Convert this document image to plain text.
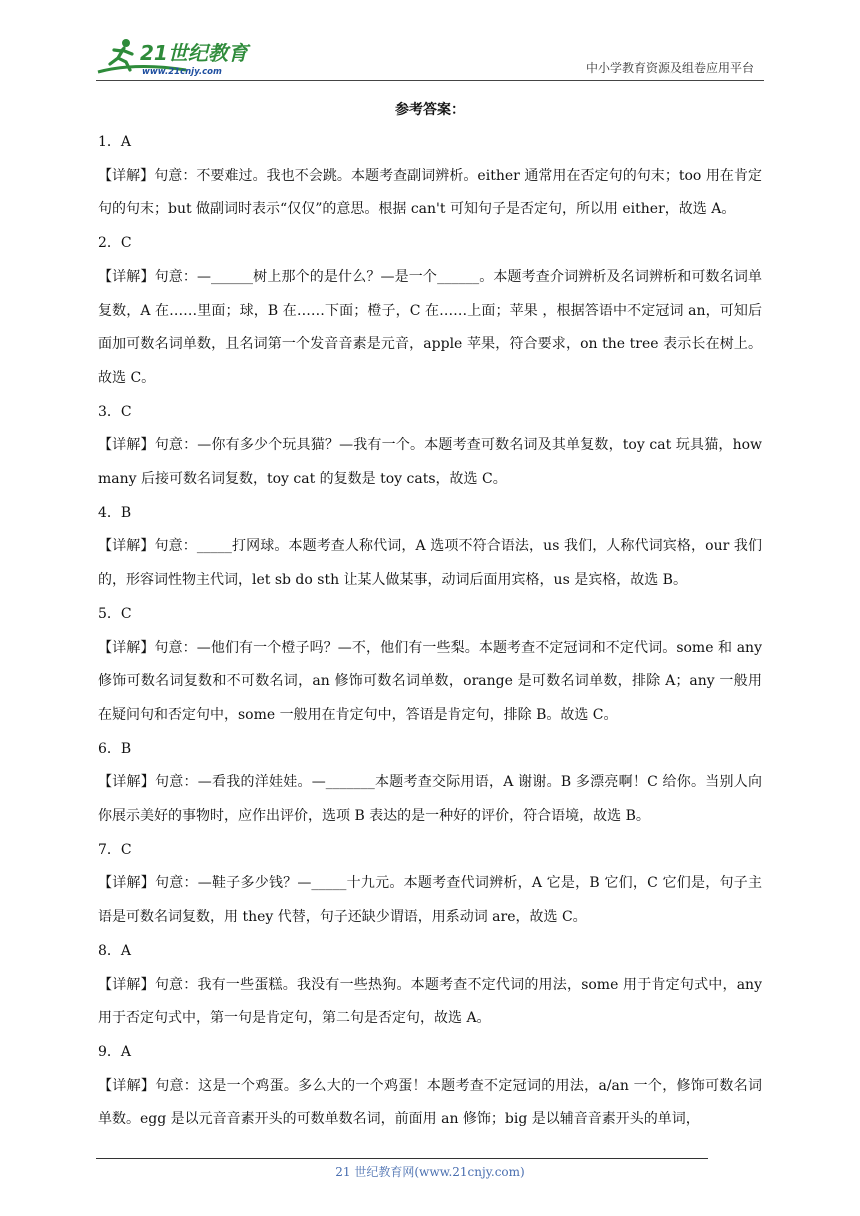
21世纪教育
www.21cnjy.com	中小学教育资源及组卷应用平台
参考答案：

1．A

【详解】句意：不要难过。我也不会跳。本题考查副词辨析。either 通常用在否定句的句末；too 用在肯定句的句末；but 做副词时表示“仅仅”的意思。根据 can't 可知句子是否定句，所以用 either，故选 A。

2．C

【详解】句意：—______树上那个的是什么？—是一个______。本题考查介词辨析及名词辨析和可数名词单复数，A 在……里面；球，B 在……下面；橙子，C 在……上面；苹果 ，根据答语中不定冠词 an，可知后面加可数名词单数，且名词第一个发音音素是元音，apple 苹果，符合要求，on the tree 表示长在树上。故选 C。

3．C

【详解】句意：—你有多少个玩具猫？—我有一个。本题考查可数名词及其单复数，toy cat 玩具猫，how many 后接可数名词复数，toy cat 的复数是 toy cats，故选 C。

4．B

【详解】句意：_____打网球。本题考查人称代词，A 选项不符合语法，us 我们，人称代词宾格，our 我们的，形容词性物主代词，let sb do sth 让某人做某事，动词后面用宾格，us 是宾格，故选 B。

5．C

【详解】句意：—他们有一个橙子吗？—不，他们有一些梨。本题考查不定冠词和不定代词。some 和 any 修饰可数名词复数和不可数名词，an 修饰可数名词单数，orange 是可数名词单数，排除 A；any 一般用在疑问句和否定句中，some 一般用在肯定句中，答语是肯定句，排除 B。故选 C。

6．B

【详解】句意：—看我的洋娃娃。—_______本题考查交际用语，A 谢谢。B 多漂亮啊！C 给你。当别人向你展示美好的事物时，应作出评价，选项 B 表达的是一种好的评价，符合语境，故选 B。

7．C

【详解】句意：—鞋子多少钱？—_____十九元。本题考查代词辨析，A 它是，B 它们，C 它们是，句子主语是可数名词复数，用 they 代替，句子还缺少谓语，用系动词 are，故选 C。

8．A

【详解】句意：我有一些蛋糕。我没有一些热狗。本题考查不定代词的用法，some 用于肯定句式中，any 用于否定句式中，第一句是肯定句，第二句是否定句，故选 A。

9．A

【详解】句意：这是一个鸡蛋。多么大的一个鸡蛋！本题考查不定冠词的用法，a/an 一个，修饰可数名词单数。egg 是以元音音素开头的可数单数名词，前面用 an 修饰；big 是以辅音音素开头的单词，

21 世纪教育网(www.21cnjy.com)
